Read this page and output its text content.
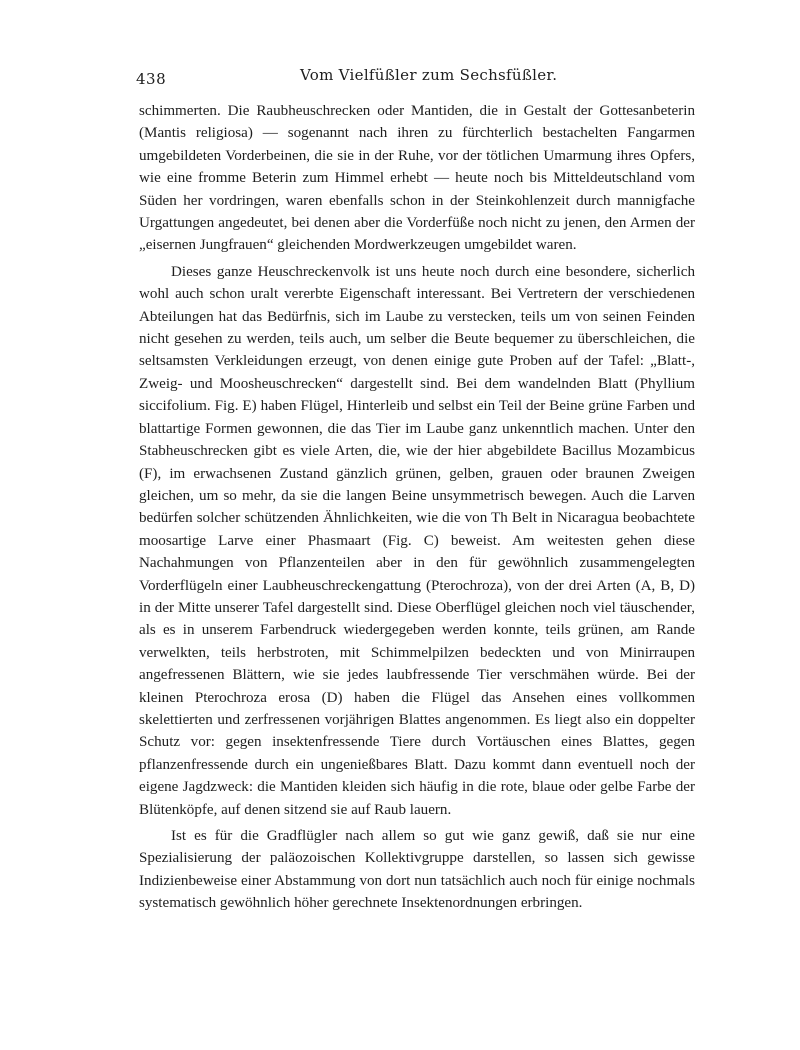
438	Vom Vielfüßler zum Sechsfüßler.

schimmerten. Die Raubheuschrecken oder Mantiden, die in Gestalt der Gottesanbeterin (Mantis religiosa) — sogenannt nach ihren zu fürchterlich bestachelten Fangarmen umgebildeten Vorderbeinen, die sie in der Ruhe, vor der tötlichen Umarmung ihres Opfers, wie eine fromme Beterin zum Himmel erhebt — heute noch bis Mitteldeutschland vom Süden her vordringen, waren ebenfalls schon in der Steinkohlenzeit durch mannigfache Urgattungen angedeutet, bei denen aber die Vorderfüße noch nicht zu jenen, den Armen der „eisernen Jungfrauen“ gleichenden Mordwerkzeugen umgebildet waren.

Dieses ganze Heuschreckenvolk ist uns heute noch durch eine besondere, sicherlich wohl auch schon uralt vererbte Eigenschaft interessant. Bei Vertretern der verschiedenen Abteilungen hat das Bedürfnis, sich im Laube zu verstecken, teils um von seinen Feinden nicht gesehen zu werden, teils auch, um selber die Beute bequemer zu überschleichen, die seltsamsten Verkleidungen erzeugt, von denen einige gute Proben auf der Tafel: „Blatt-, Zweig- und Moosheuschrecken“ dargestellt sind. Bei dem wandelnden Blatt (Phyllium siccifolium. Fig. E) haben Flügel, Hinterleib und selbst ein Teil der Beine grüne Farben und blattartige Formen gewonnen, die das Tier im Laube ganz unkenntlich machen. Unter den Stabheuschrecken gibt es viele Arten, die, wie der hier abgebildete Bacillus Mozambicus (F), im erwachsenen Zustand gänzlich grünen, gelben, grauen oder braunen Zweigen gleichen, um so mehr, da sie die langen Beine unsymmetrisch bewegen. Auch die Larven bedürfen solcher schützenden Ähnlichkeiten, wie die von Th Belt in Nicaragua beobachtete moosartige Larve einer Phasmaart (Fig. C) beweist. Am weitesten gehen diese Nachahmungen von Pflanzenteilen aber in den für gewöhnlich zusammengelegten Vorderflügeln einer Laubheuschreckengattung (Pterochroza), von der drei Arten (A, B, D) in der Mitte unserer Tafel dargestellt sind. Diese Oberflügel gleichen noch viel täuschender, als es in unserem Farbendruck wiedergegeben werden konnte, teils grünen, am Rande verwelkten, teils herbstroten, mit Schimmelpilzen bedeckten und von Minirraupen angefressenen Blättern, wie sie jedes laubfressende Tier verschmähen würde. Bei der kleinen Pterochroza erosa (D) haben die Flügel das Ansehen eines vollkommen skelettierten und zerfressenen vorjährigen Blattes angenommen. Es liegt also ein doppelter Schutz vor: gegen insektenfressende Tiere durch Vortäuschen eines Blattes, gegen pflanzenfressende durch ein ungenießbares Blatt. Dazu kommt dann eventuell noch der eigene Jagdzweck: die Mantiden kleiden sich häufig in die rote, blaue oder gelbe Farbe der Blütenköpfe, auf denen sitzend sie auf Raub lauern.

Ist es für die Gradflügler nach allem so gut wie ganz gewiß, daß sie nur eine Spezialisierung der paläozoischen Kollektivgruppe darstellen, so lassen sich gewisse Indizienbeweise einer Abstammung von dort nun tatsächlich auch noch für einige nochmals systematisch gewöhnlich höher gerechnete Insektenordnungen erbringen.
